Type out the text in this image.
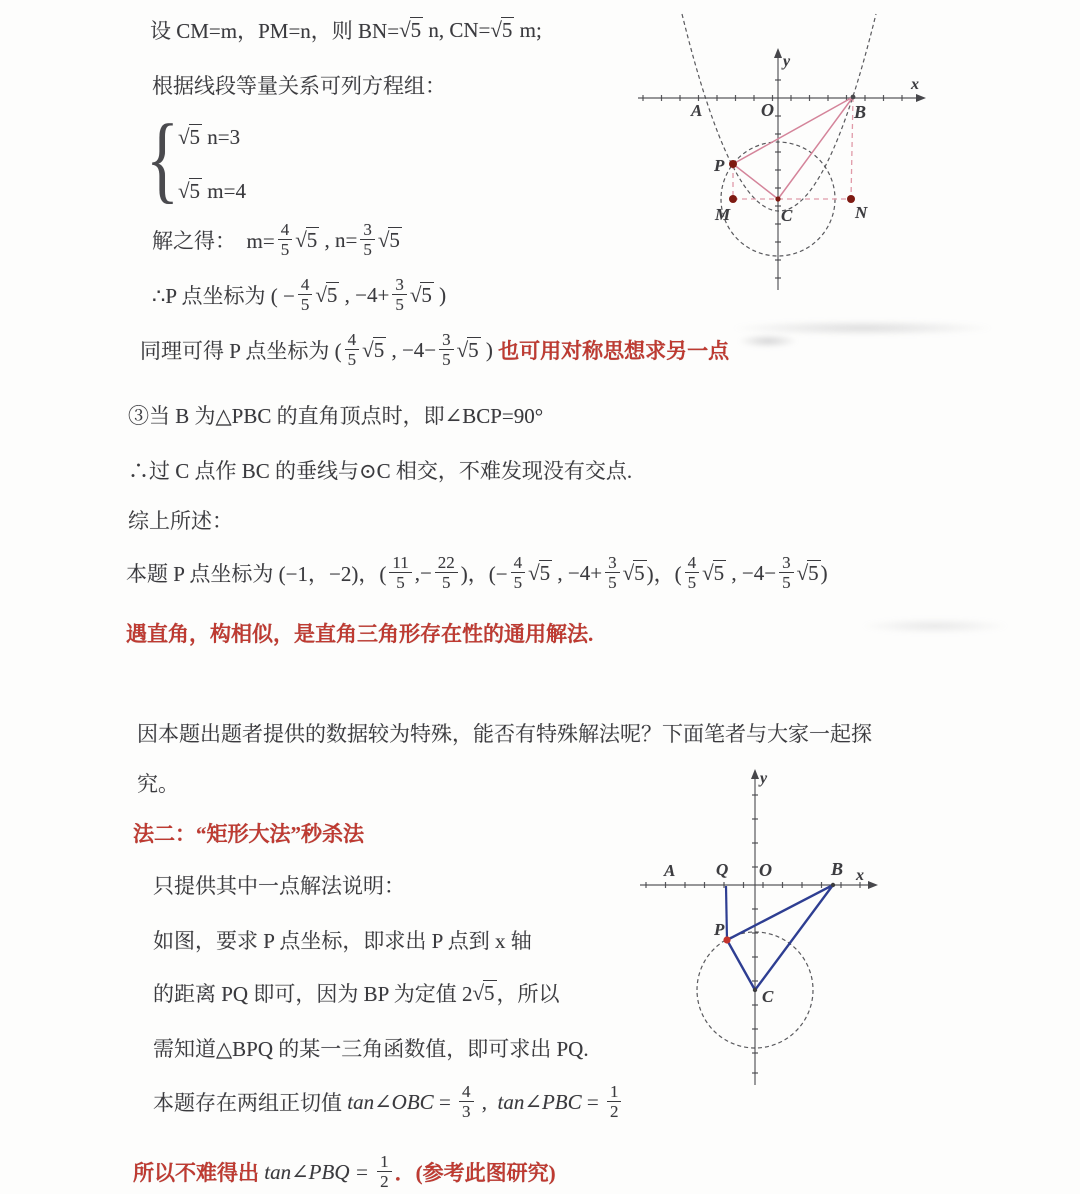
设 CM=m，PM=n，则 BN= √5 n, CN= √5 m;
根据线段等量关系可列方程组：
{ √5 n=3
√5 m=4
解之得：  $m= \frac{4}{5} √5$ , $n= \frac{3}{5} √5$
∴P 点坐标为 ( − $\frac{4}{5} √5$ , $-4+ \frac{3}{5} √5$ )
同理可得 P 点坐标为 ( $\frac{4}{5} √5$ , $-4- \frac{3}{5} √5$ ) 也可用对称思想求另一点
③当 B 为△PBC 的直角顶点时，即∠BCP=90°
∴过 C 点作 BC 的垂线与⊙C 相交，不难发现没有交点.
综上所述：
本题 P 点坐标为 (−1，−2)，( $\frac{11}{5}$ ,− $\frac{22}{5}$ )，(− $\frac{4}{5} √5$ , $-4+ \frac{3}{5} √5$ )，( $\frac{4}{5} √5$ , $-4- \frac{3}{5} √5$ )
遇直角，构相似，是直角三角形存在性的通用解法.
因本题出题者提供的数据较为特殊，能否有特殊解法呢？下面笔者与大家一起探
究。
法二：“矩形大法”秒杀法
只提供其中一点解法说明：
如图，要求 P 点坐标，即求出 P 点到 x 轴
的距离 PQ 即可，因为 BP 为定值 2 √5 ，所以
需知道△BPQ 的某一三角函数值，即可求出 PQ.
本题存在两组正切值 tan∠OBC = $\frac{4}{3}$ , tan∠PBC = $\frac{1}{2}$
所以不难得出 tan∠PBQ = $\frac{1}{2}$ ．(参考此图研究)
A	O	B
P
M	C	N
x
y
A Q O	B
P
C
x
y
